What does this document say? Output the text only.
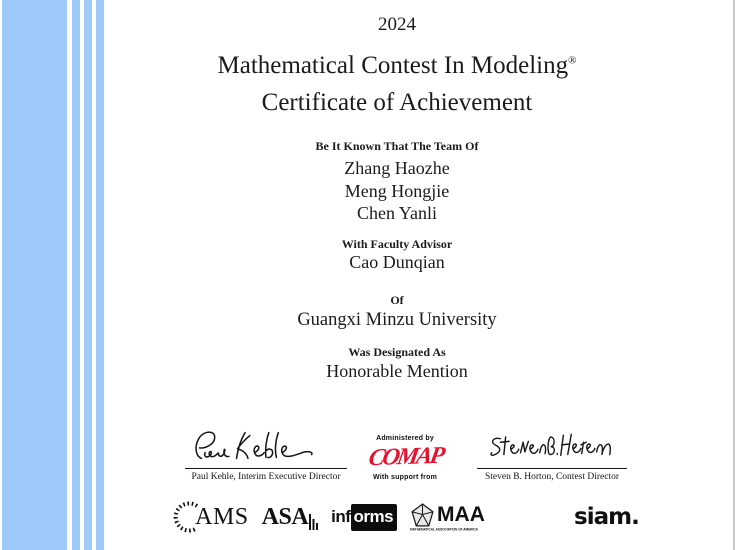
2024
Mathematical Contest In Modeling®
Certificate of Achievement
Be It Known That The Team Of
Zhang Haozhe
Meng Hongjie
Chen Yanli
With Faculty Advisor
Cao Dunqian
Of
Guangxi Minzu University
Was Designated As
Honorable Mention
Paul Kehle, Interim Executive Director
Administered by
COMAP
With support from	Steven B. Horton, Contest Director
AMS ASA inf orms MAA
MATHEMATICAL ASSOCIATION OF AMERICA	siam.
